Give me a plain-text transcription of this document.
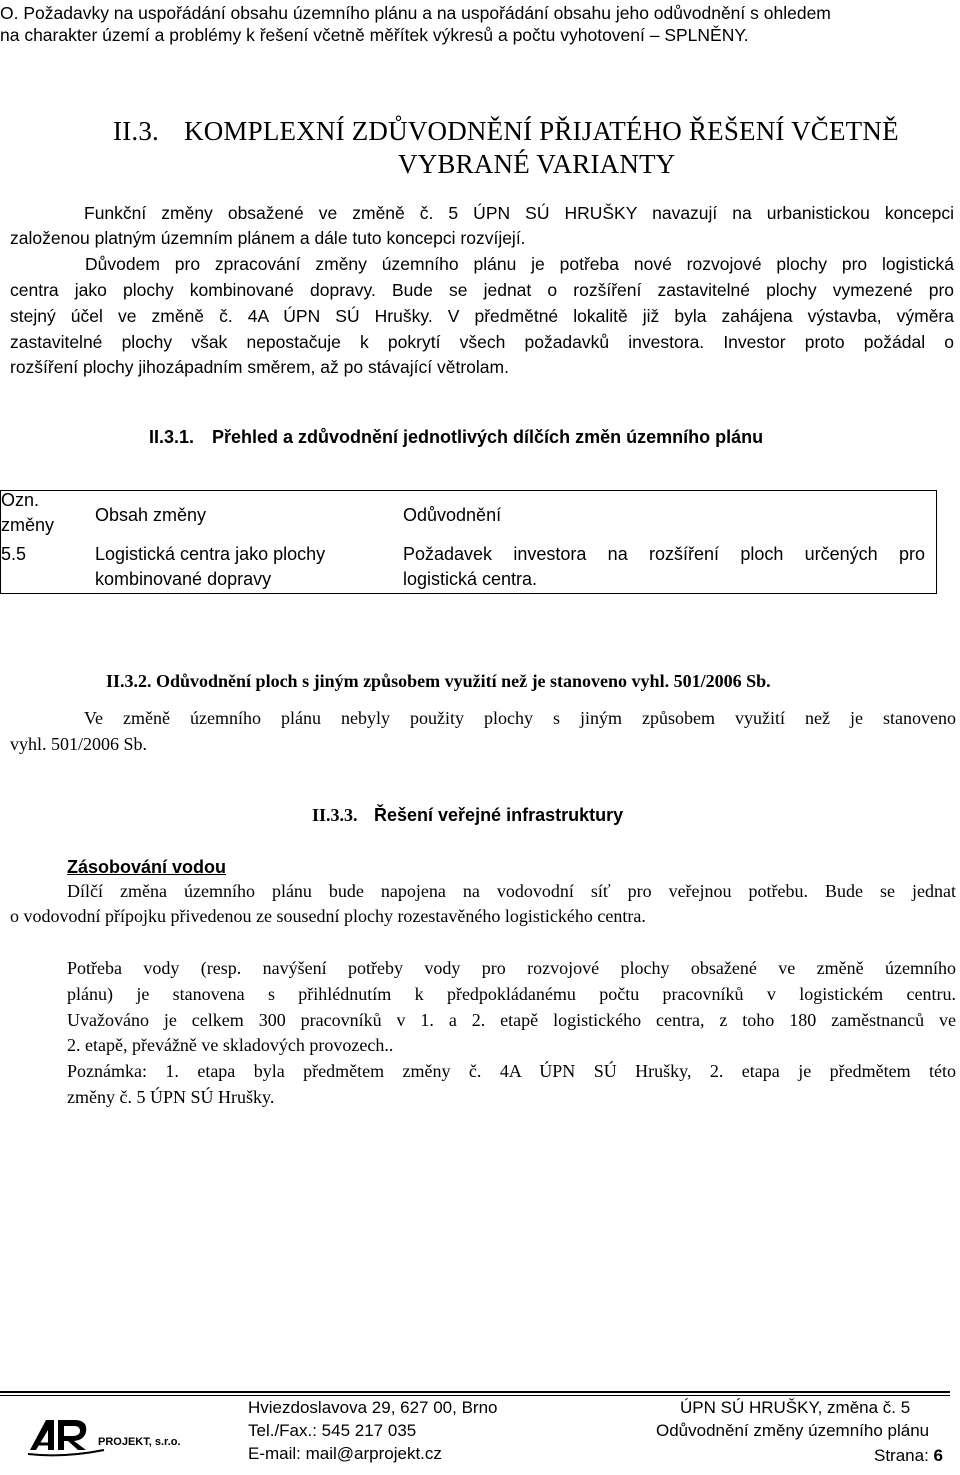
O. Požadavky na uspořádání obsahu územního plánu a na uspořádání obsahu jeho odůvodnění s ohledem
na charakter území a problémy k řešení včetně měřítek výkresů a počtu vyhotovení – SPLNĚNY.
II.3. KOMPLEXNÍ ZDŮVODNĚNÍ PŘIJATÉHO ŘEŠENÍ VČETNĚ
VYBRANÉ VARIANTY
Funkční změny obsažené ve změně č. 5 ÚPN SÚ HRUŠKY navazují na urbanistickou koncepci
založenou platným územním plánem a dále tuto koncepci rozvíjejí.
Důvodem pro zpracování změny územního plánu je potřeba nové rozvojové plochy pro logistická
centra jako plochy kombinované dopravy. Bude se jednat o rozšíření zastavitelné plochy vymezené pro
stejný účel ve změně č. 4A ÚPN SÚ Hrušky. V předmětné lokalitě již byla zahájena výstavba, výměra
zastavitelné plochy však nepostačuje k pokrytí všech požadavků investora. Investor proto požádal o
rozšíření plochy jihozápadním směrem, až po stávající větrolam.
II.3.1. Přehled a zdůvodnění jednotlivých dílčích změn územního plánu
Ozn.
změny Obsah změny	Odůvodnění
5.5	Logistická centra jako plochy
kombinované dopravy
Požadavek investora na rozšíření ploch určených pro
logistická centra.
II.3.2. Odůvodnění ploch s jiným způsobem využití než je stanoveno vyhl. 501/2006 Sb.
Ve změně územního plánu nebyly použity plochy s jiným způsobem využití než je stanoveno
vyhl. 501/2006 Sb.
II.3.3. Řešení veřejné infrastruktury
Zásobování vodou
Dílčí změna územního plánu bude napojena na vodovodní síť pro veřejnou potřebu. Bude se jednat
o vodovodní přípojku přivedenou ze sousední plochy rozestavěného logistického centra.
Potřeba vody (resp. navýšení potřeby vody pro rozvojové plochy obsažené ve změně územního
plánu) je stanovena s přihlédnutím k předpokládanému počtu pracovníků v logistickém centru.
Uvažováno je celkem 300 pracovníků v 1. a 2. etapě logistického centra, z toho 180 zaměstnanců ve
2. etapě, převážně ve skladových provozech..
Poznámka: 1. etapa byla předmětem změny č. 4A ÚPN SÚ Hrušky, 2. etapa je předmětem této
změny č. 5 ÚPN SÚ Hrušky.
PROJEKT, s.r.o.
Hviezdoslavova 29, 627 00, Brno
Tel./Fax.: 545 217 035
E-mail: mail@arprojekt.cz
ÚPN SÚ HRUŠKY, změna č. 5
Odůvodnění změny územního plánu
Strana: 6
